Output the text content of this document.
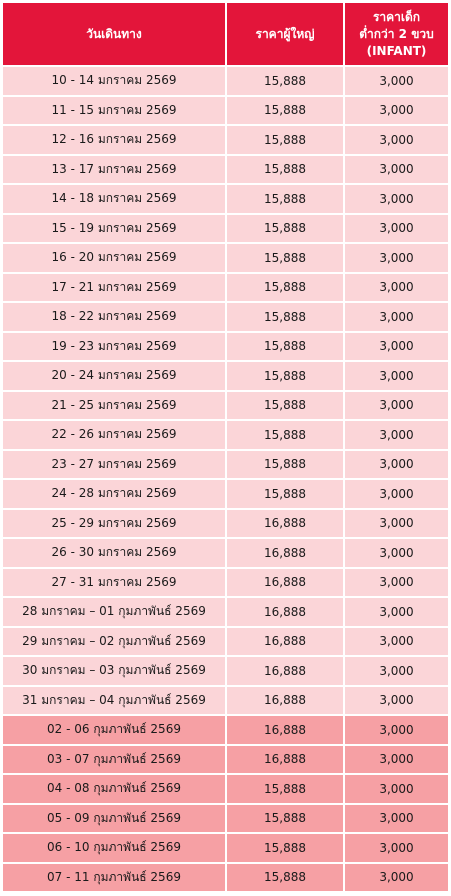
วันเดินทาง	ราคาผู้ใหญ่	ราคาเด็ก
ต่ำกว่า 2 ขวบ
(INFANT)

10 - 14 มกราคม 2569	15,888	3,000
11 - 15 มกราคม 2569	15,888	3,000
12 - 16 มกราคม 2569	15,888	3,000
13 - 17 มกราคม 2569	15,888	3,000
14 - 18 มกราคม 2569	15,888	3,000
15 - 19 มกราคม 2569	15,888	3,000
16 - 20 มกราคม 2569	15,888	3,000
17 - 21 มกราคม 2569	15,888	3,000
18 - 22 มกราคม 2569	15,888	3,000
19 - 23 มกราคม 2569	15,888	3,000
20 - 24 มกราคม 2569	15,888	3,000
21 - 25 มกราคม 2569	15,888	3,000
22 - 26 มกราคม 2569	15,888	3,000
23 - 27 มกราคม 2569	15,888	3,000
24 - 28 มกราคม 2569	15,888	3,000
25 - 29 มกราคม 2569	16,888	3,000
26 - 30 มกราคม 2569	16,888	3,000
27 - 31 มกราคม 2569	16,888	3,000
28 มกราคม – 01 กุมภาพันธ์ 2569	16,888	3,000
29 มกราคม – 02 กุมภาพันธ์ 2569	16,888	3,000
30 มกราคม – 03 กุมภาพันธ์ 2569	16,888	3,000
31 มกราคม – 04 กุมภาพันธ์ 2569	16,888	3,000
02 - 06 กุมภาพันธ์ 2569	16,888	3,000
03 - 07 กุมภาพันธ์ 2569	16,888	3,000
04 - 08 กุมภาพันธ์ 2569	15,888	3,000
05 - 09 กุมภาพันธ์ 2569	15,888	3,000
06 - 10 กุมภาพันธ์ 2569	15,888	3,000
07 - 11 กุมภาพันธ์ 2569	15,888	3,000
